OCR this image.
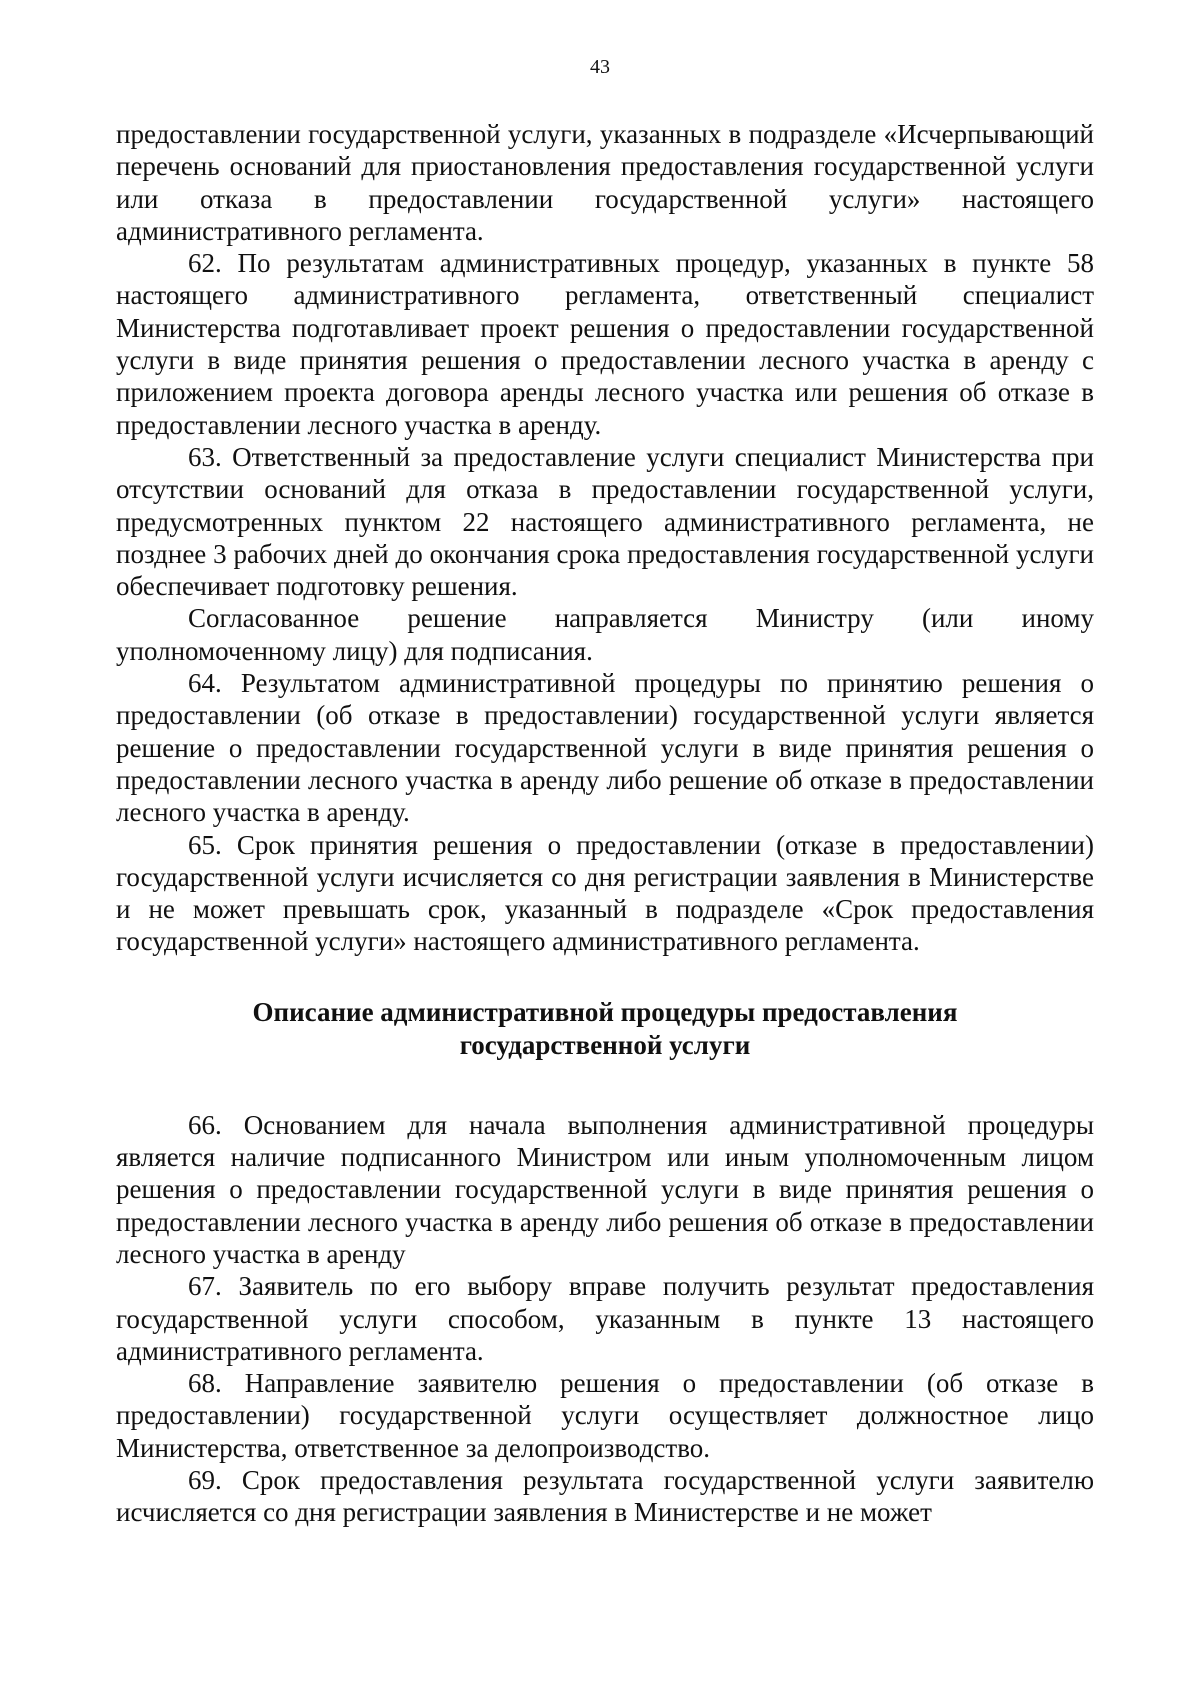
43

предоставлении государственной услуги, указанных в подразделе «Исчерпывающий перечень оснований для приостановления предоставления государственной услуги или отказа в предоставлении государственной услуги» настоящего административного регламента.

62. По результатам административных процедур, указанных в пункте 58 настоящего административного регламента, ответственный специалист Министерства подготавливает проект решения о предоставлении государственной услуги в виде принятия решения о предоставлении лесного участка в аренду с приложением проекта договора аренды лесного участка или решения об отказе в предоставлении лесного участка в аренду.

63. Ответственный за предоставление услуги специалист Министерства при отсутствии оснований для отказа в предоставлении государственной услуги, предусмотренных пунктом 22 настоящего административного регламента, не позднее 3 рабочих дней до окончания срока предоставления государственной услуги обеспечивает подготовку решения.

Согласованное решение направляется Министру (или иному уполномоченному лицу) для подписания.

64. Результатом административной процедуры по принятию решения о предоставлении (об отказе в предоставлении) государственной услуги является решение о предоставлении государственной услуги в виде принятия решения о предоставлении лесного участка в аренду либо решение об отказе в предоставлении лесного участка в аренду.

65. Срок принятия решения о предоставлении (отказе в предоставлении) государственной услуги исчисляется со дня регистрации заявления в Министерстве и не может превышать срок, указанный в подразделе «Срок предоставления государственной услуги» настоящего административного регламента.

Описание административной процедуры предоставления
государственной услуги

66. Основанием для начала выполнения административной процедуры является наличие подписанного Министром или иным уполномоченным лицом решения о предоставлении государственной услуги в виде принятия решения о предоставлении лесного участка в аренду либо решения об отказе в предоставлении лесного участка в аренду

67. Заявитель по его выбору вправе получить результат предоставления государственной услуги способом, указанным в пункте 13 настоящего административного регламента.

68. Направление заявителю решения о предоставлении (об отказе в предоставлении) государственной услуги осуществляет должностное лицо Министерства, ответственное за делопроизводство.

69. Срок предоставления результата государственной услуги заявителю исчисляется со дня регистрации заявления в Министерстве и не может
